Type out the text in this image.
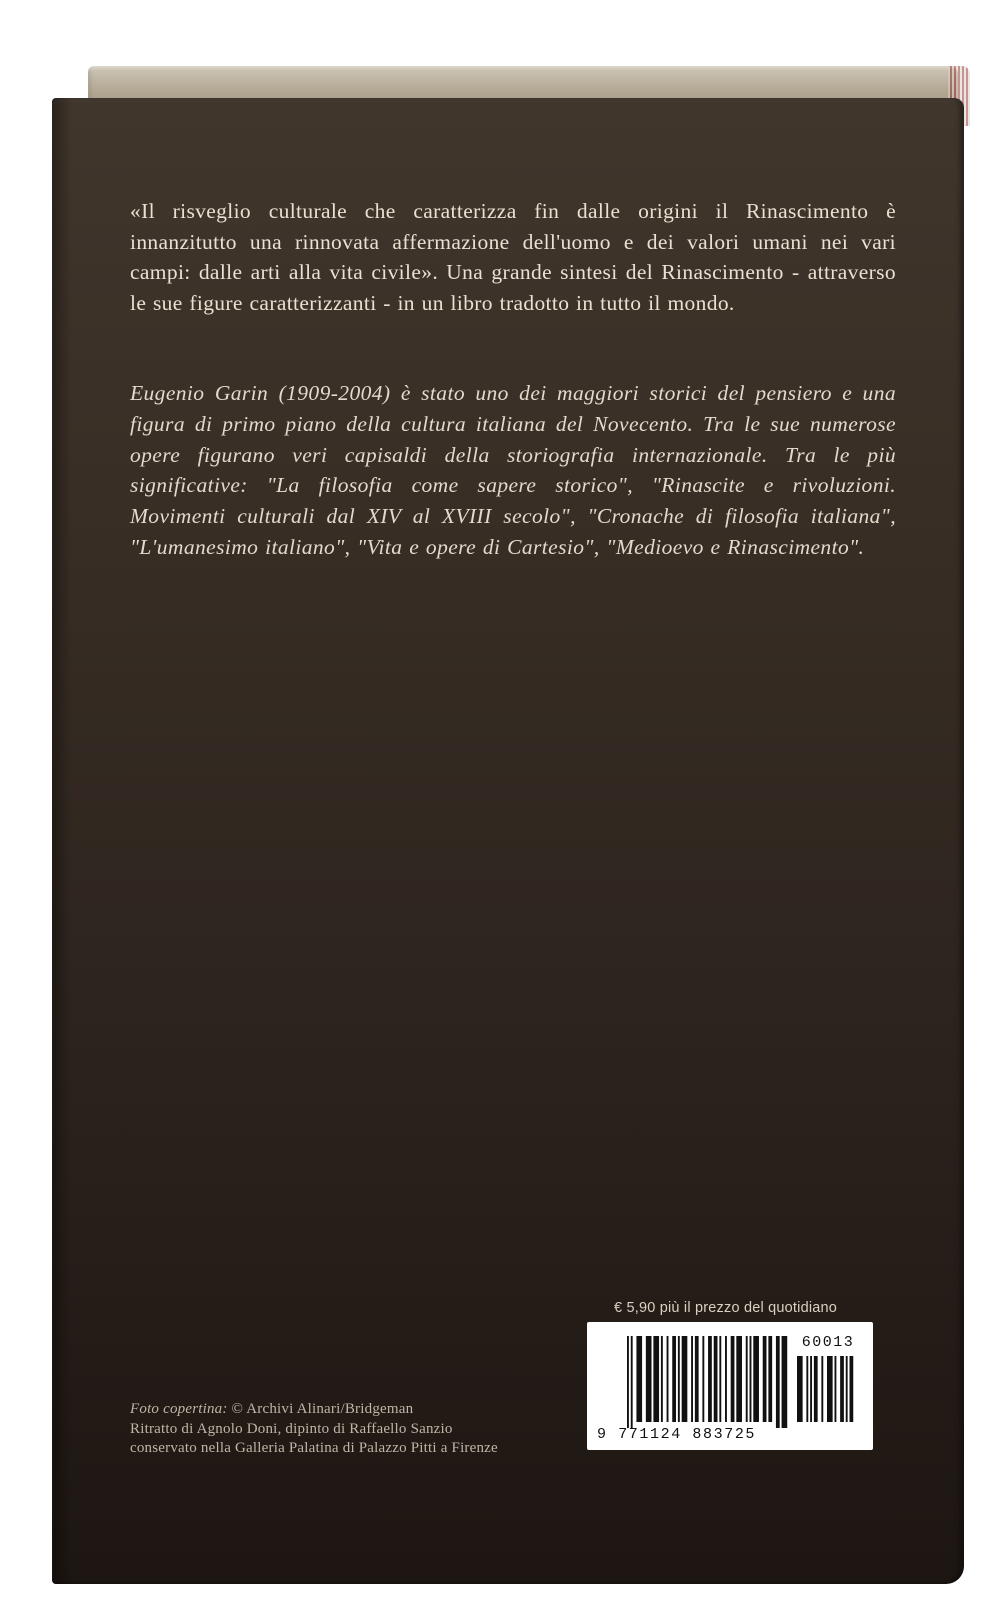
«Il risveglio culturale che caratterizza fin dalle origini il Rinascimento è innanzitutto una rinnovata affermazione dell'uomo e dei valori umani nei vari campi: dalle arti alla vita civile». Una grande sintesi del Rinascimento - attraverso le sue figure caratterizzanti - in un libro tradotto in tutto il mondo.

Eugenio Garin (1909-2004) è stato uno dei maggiori storici del pensiero e una figura di primo piano della cultura italiana del Novecento. Tra le sue numerose opere figurano veri capisaldi della storiografia internazionale. Tra le più significative: "La filosofia come sapere storico", "Rinascite e rivoluzioni. Movimenti culturali dal XIV al XVIII secolo", "Cronache di filosofia italiana", "L'umanesimo italiano", "Vita e opere di Cartesio", "Medioevo e Rinascimento".

€ 5,90 più il prezzo del quotidiano

60013
9 771124 883725
Foto copertina: © Archivi Alinari/Bridgeman
Ritratto di Agnolo Doni, dipinto di Raffaello Sanzio
conservato nella Galleria Palatina di Palazzo Pitti a Firenze
